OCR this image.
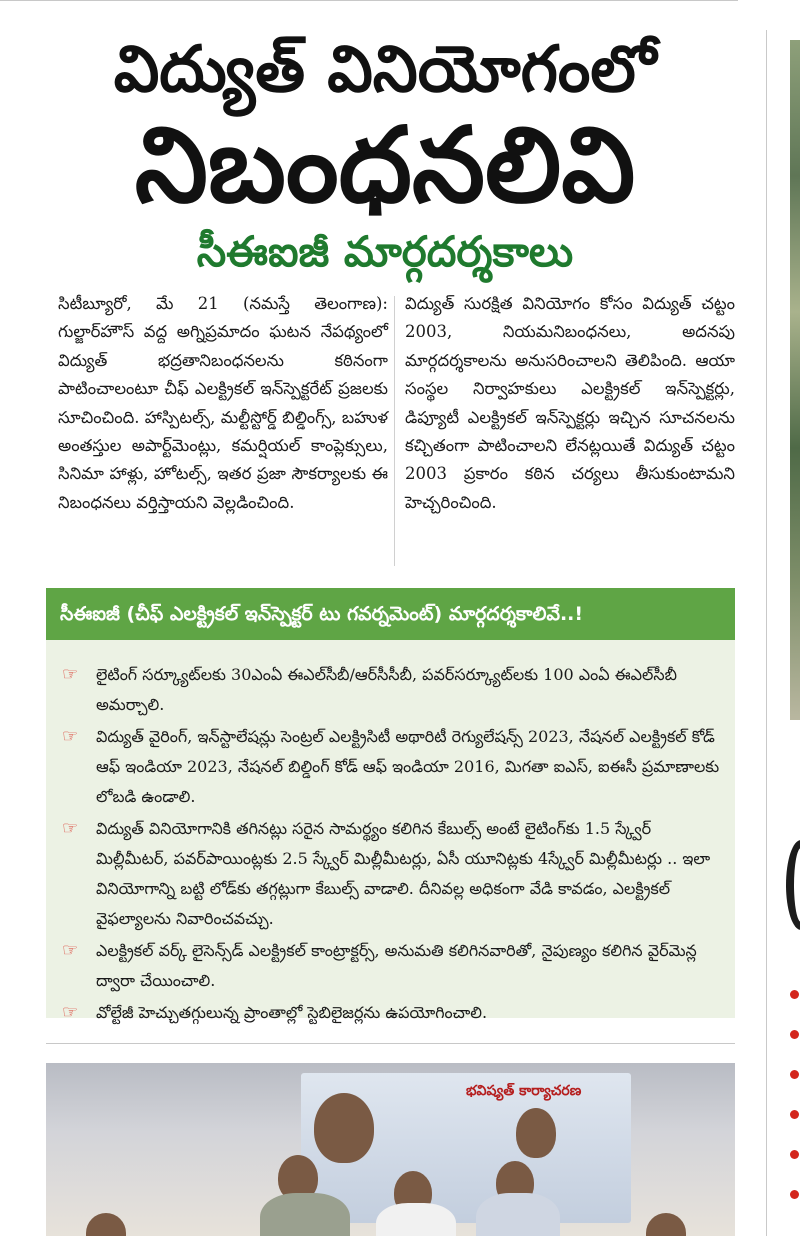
విద్యుత్‌ వినియోగంలో
నిబంధనలివి
సీఈఐజీ మార్గదర్శకాలు
సిటీబ్యూరో, మే 21 (నమస్తే తెలంగాణ): గుల్జార్‌హౌస్‌ వద్ద అగ్నిప్రమాదం ఘటన నేపథ్యంలో విద్యుత్‌ భద్రతానిబంధనలను కఠినంగా పాటించాలంటూ చీఫ్‌ ఎలక్ట్రికల్‌ ఇన్‌స్పెక్టరేట్‌ ప్రజలకు సూచించింది. హాస్పిటల్స్‌, మల్టీస్టోర్డ్‌ బిల్డింగ్స్‌, బహుళ అంతస్తుల అపార్ట్‌మెంట్లు, కమర్షియల్‌ కాంప్లెక్సులు, సినిమా హాళ్లు, హోటల్స్‌, ఇతర ప్రజా సౌకర్యాలకు ఈ నిబంధనలు వర్తిస్తాయని వెల్లడించింది.
విద్యుత్‌ సురక్షిత వినియోగం కోసం విద్యుత్‌ చట్టం 2003, నియమనిబంధనలు, అదనపు మార్గదర్శకాలను అనుసరించాలని తెలిపింది. ఆయా సంస్థల నిర్వాహకులు ఎలక్ట్రికల్‌ ఇన్‌స్పెక్టర్లు, డిప్యూటీ ఎలక్ట్రికల్‌ ఇన్‌స్పెక్టర్లు ఇచ్చిన సూచనలను కచ్చితంగా పాటించాలని లేనట్లయితే విద్యుత్‌ చట్టం 2003 ప్రకారం కఠిన చర్యలు తీసుకుంటామని హెచ్చరించింది.
సీఈఐజీ (చీఫ్‌ ఎలక్ట్రికల్‌ ఇన్‌స్పెక్టర్‌ టు గవర్నమెంట్‌) మార్గదర్శకాలివే..!
☞	లైటింగ్‌ సర్క్యూట్‌లకు 30ఎంఏ ఈఎల్‌సీబీ/ఆర్‌సీసీబీ, పవర్‌సర్క్యూట్‌లకు 100 ఎంఏ ఈఎల్‌సీబీ అమర్చాలి.
☞	విద్యుత్‌ వైరింగ్‌, ఇన్‌స్టాలేషన్లు సెంట్రల్‌ ఎలక్ట్రిసిటీ అథారిటీ రెగ్యులేషన్స్‌ 2023, నేషనల్‌ ఎలక్ట్రికల్‌ కోడ్‌ ఆఫ్‌ ఇండియా 2023, నేషనల్‌ బిల్డింగ్‌ కోడ్‌ ఆఫ్‌ ఇండియా 2016, మిగతా ఐఎస్‌, ఐఈసీ ప్రమాణాలకు లోబడి ఉండాలి.
☞	విద్యుత్‌ వినియోగానికి తగినట్లు సరైన సామర్థ్యం కలిగిన కేబుల్స్‌ అంటే లైటింగ్‌కు 1.5 స్క్వేర్‌ మిల్లీమీటర్‌, పవర్‌పాయింట్లకు 2.5 స్క్వేర్‌ మిల్లీమీటర్లు, ఏసీ యూనిట్లకు 4స్క్వేర్‌ మిల్లీమీటర్లు .. ఇలా వినియోగాన్ని బట్టి లోడ్‌కు తగ్గట్లుగా కేబుల్స్‌ వాడాలి. దీనివల్ల అధికంగా వేడి కావడం, ఎలక్ట్రికల్‌ వైఫల్యాలను నివారించవచ్చు.
☞	ఎలక్ట్రికల్‌ వర్క్‌ లైసెన్స్‌డ్‌ ఎలక్ట్రికల్‌ కాంట్రాక్టర్స్‌, అనుమతి కలిగినవారితో, నైపుణ్యం కలిగిన వైర్‌మెన్ల ద్వారా చేయించాలి.
☞	వోల్టేజీ హెచ్చుతగ్గులున్న ప్రాంతాల్లో స్టెబిలైజర్లను ఉపయోగించాలి.
భవిష్యత్‌ కార్యాచరణ
